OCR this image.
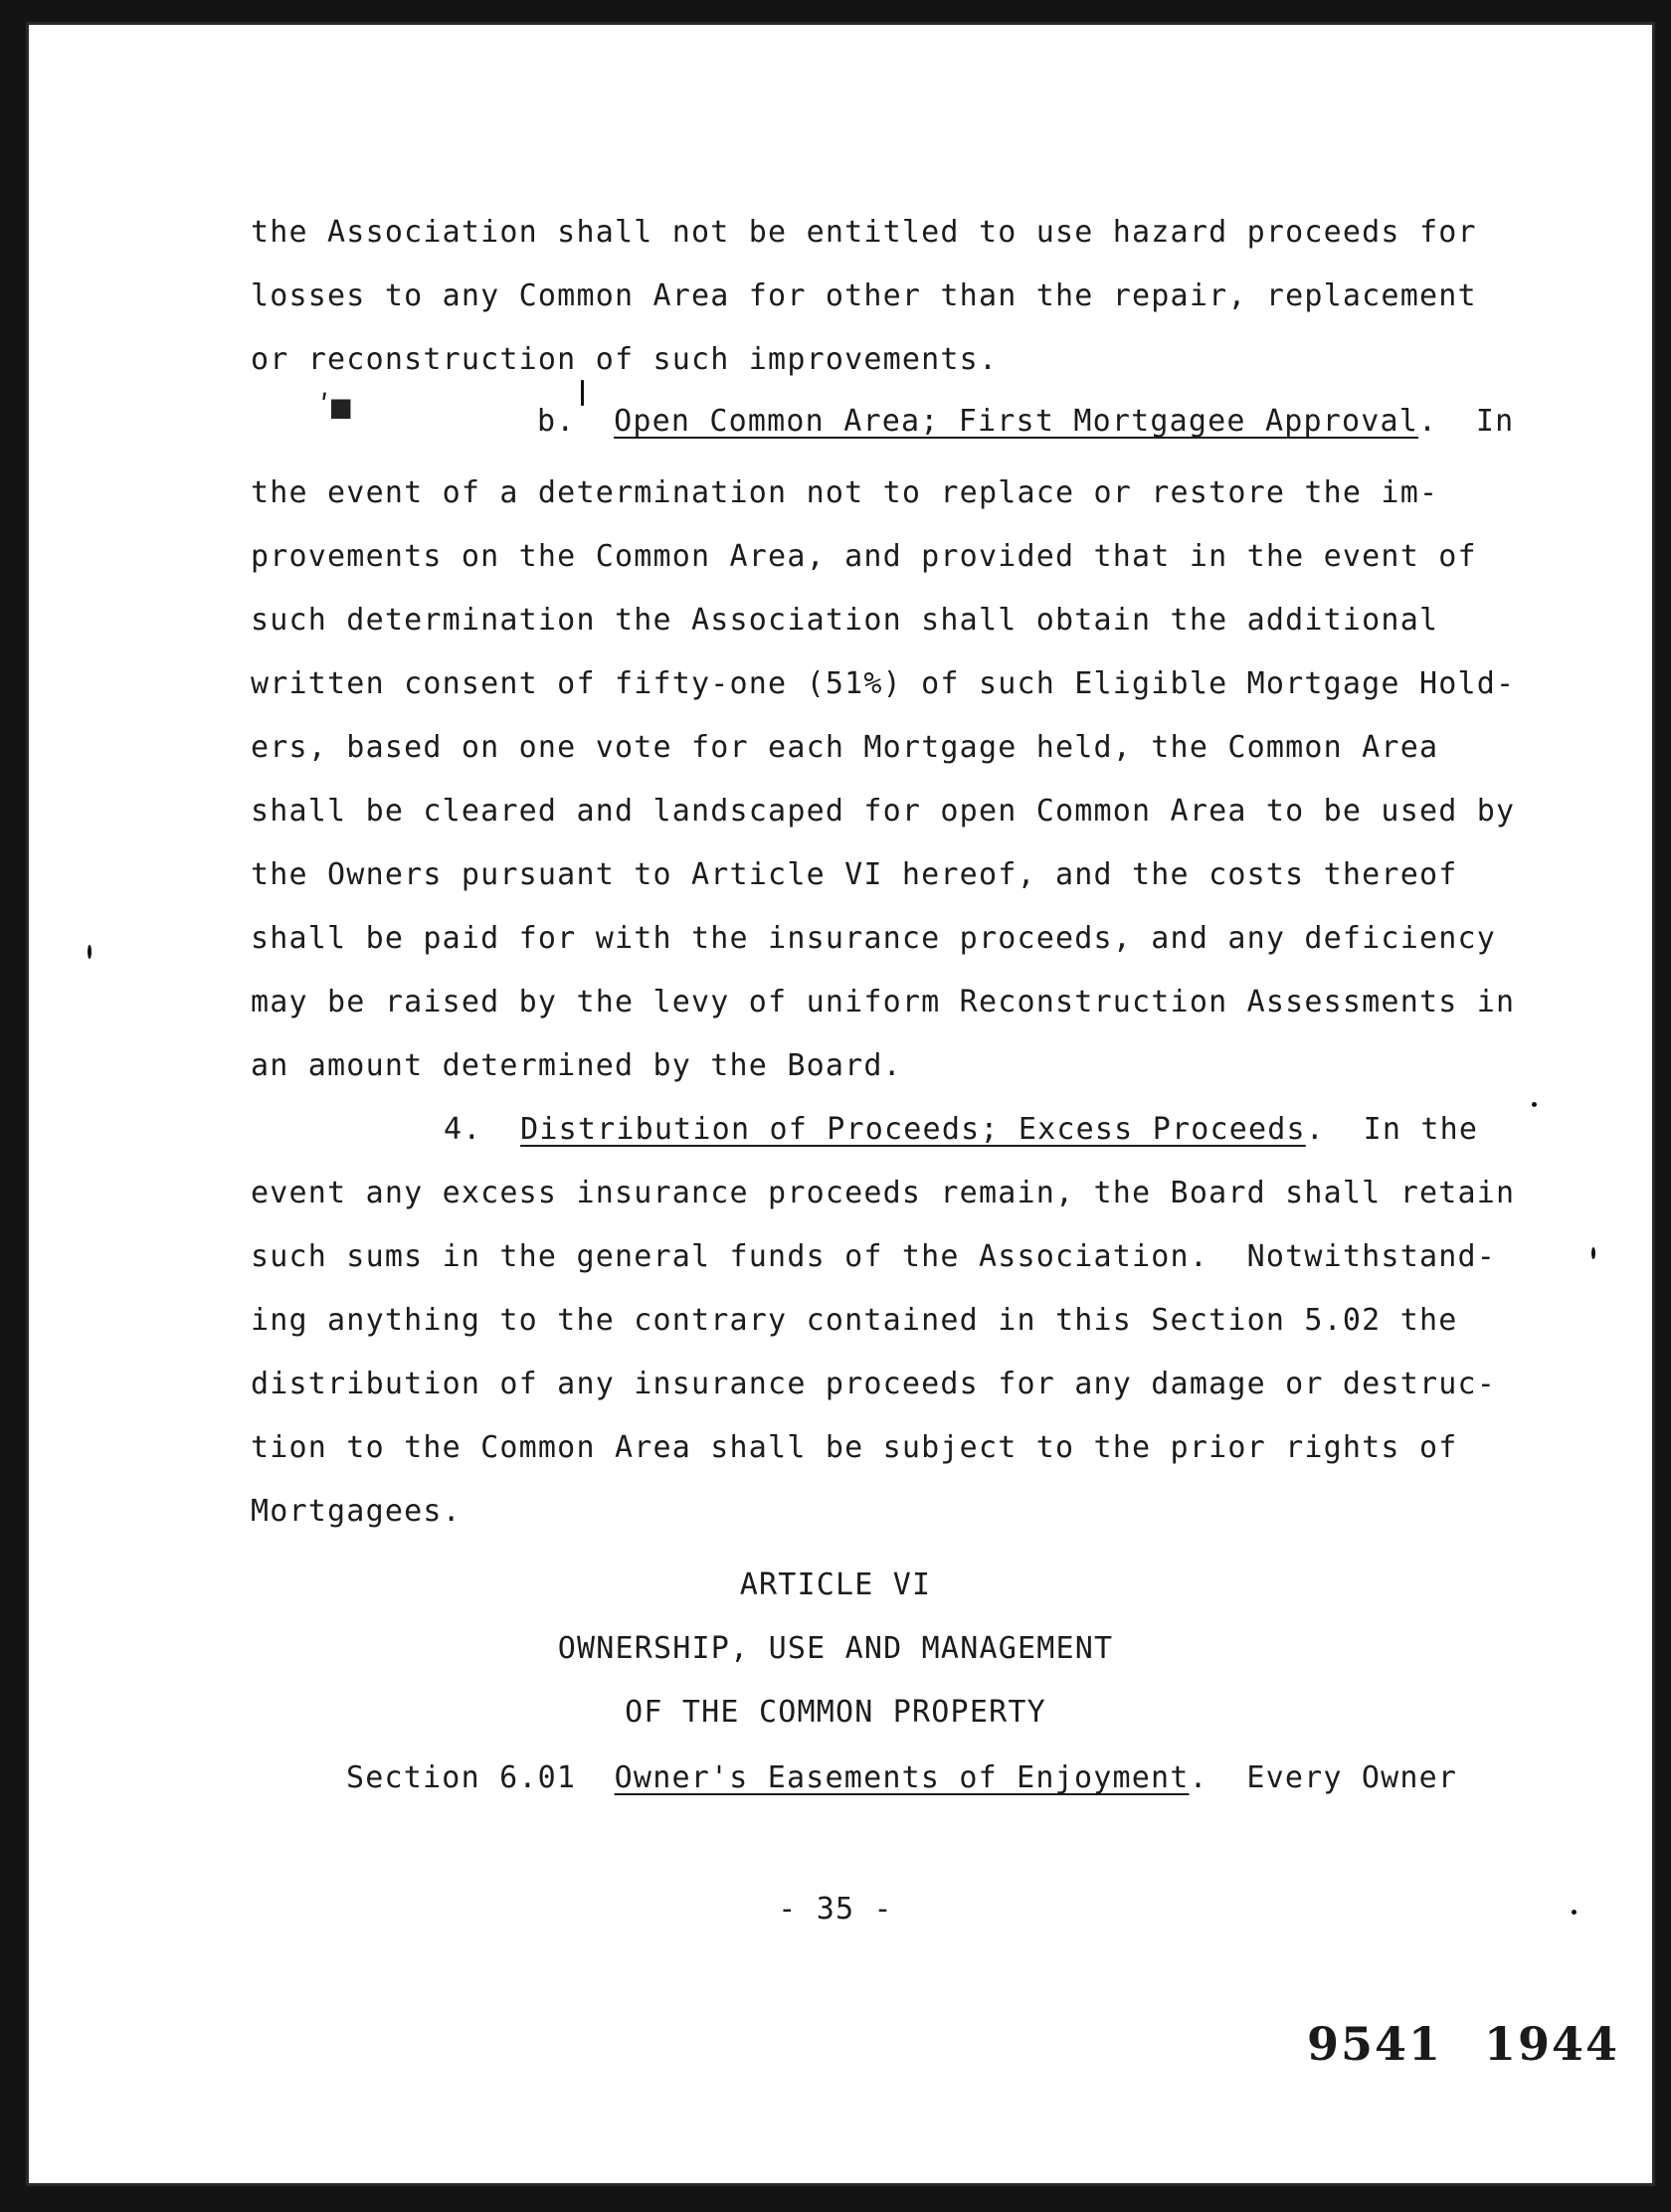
the Association shall not be entitled to use hazard proceeds for
losses to any Common Area for other than the repair, replacement
or reconstruction of such improvements.
b. Open Common Area; First Mortgagee Approval.  In
ʹ◼
the event of a determination not to replace or restore the im-
provements on the Common Area, and provided that in the event of
such determination the Association shall obtain the additional
written consent of fifty-one (51%) of such Eligible Mortgage Hold-
ers, based on one vote for each Mortgage held, the Common Area
shall be cleared and landscaped for open Common Area to be used by
the Owners pursuant to Article VI hereof, and the costs thereof
shall be paid for with the insurance proceeds, and any deficiency
may be raised by the levy of uniform Reconstruction Assessments in
an amount determined by the Board.
4. Distribution of Proceeds; Excess Proceeds.  In the
event any excess insurance proceeds remain, the Board shall retain
such sums in the general funds of the Association.  Notwithstand-
ing anything to the contrary contained in this Section 5.02 the
distribution of any insurance proceeds for any damage or destruc-
tion to the Common Area shall be subject to the prior rights of
Mortgagees.
ARTICLE VI
OWNERSHIP, USE AND MANAGEMENT
OF THE COMMON PROPERTY
Section 6.01 Owner's Easements of Enjoyment.  Every Owner
- 35 -
9541 1944
